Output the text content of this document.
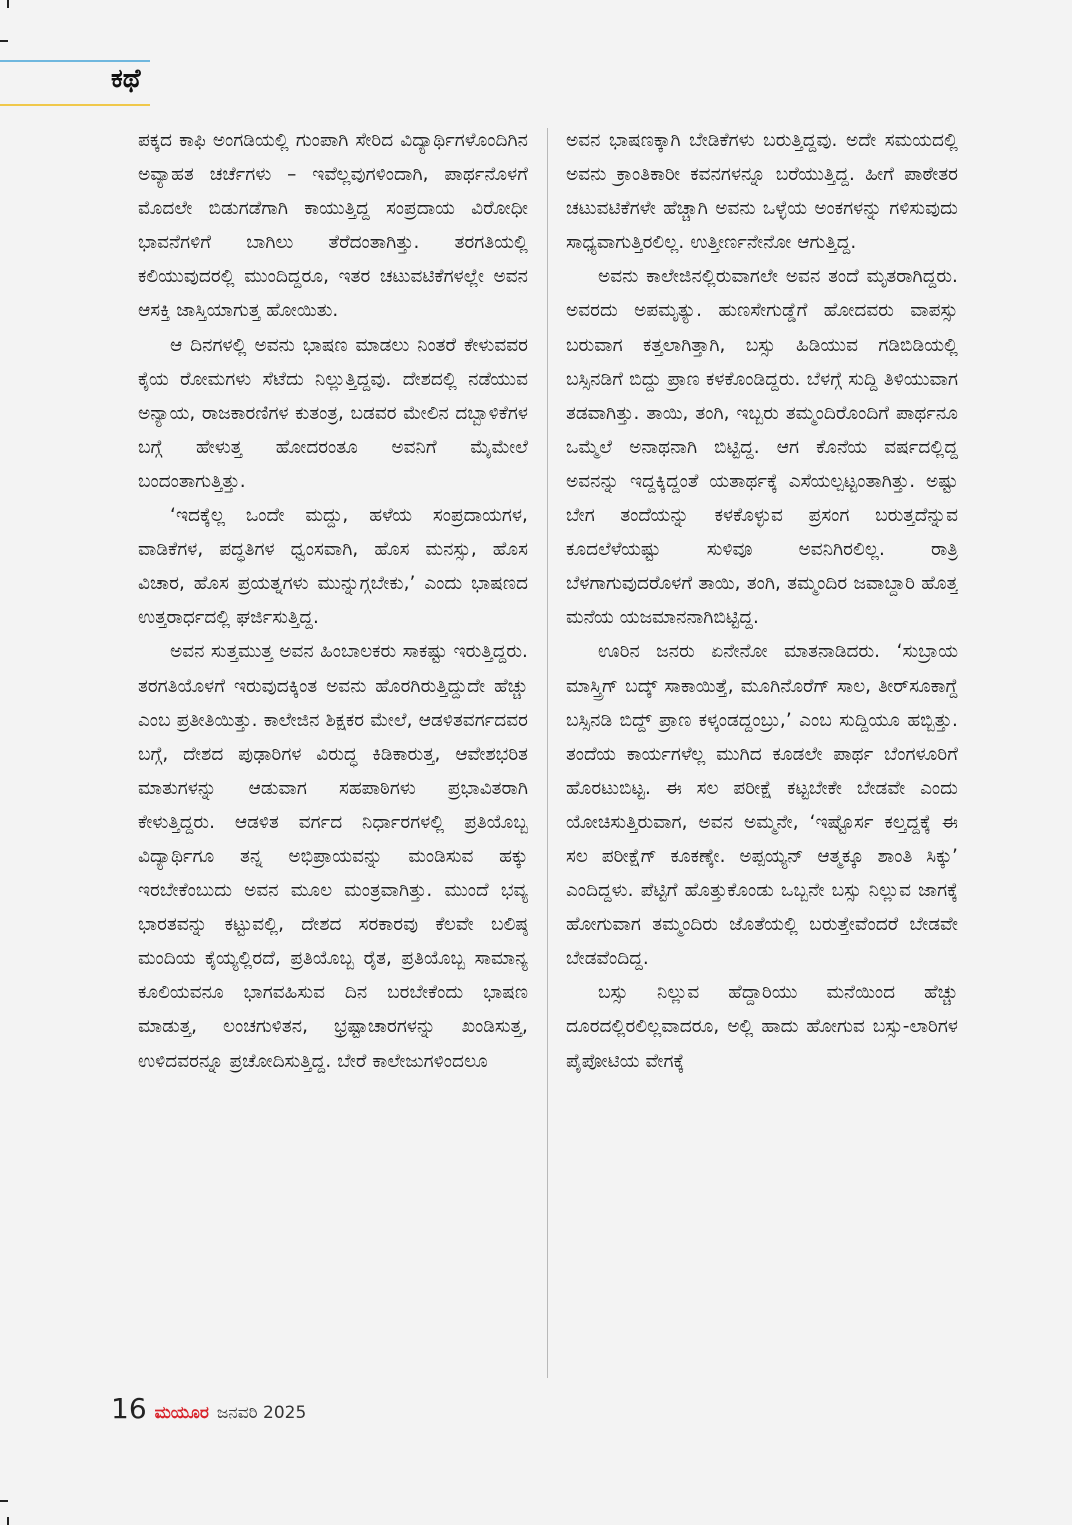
ಕಥೆ

ಪಕ್ಕದ ಕಾಫಿ ಅಂಗಡಿಯಲ್ಲಿ ಗುಂಪಾಗಿ ಸೇರಿದ ವಿದ್ಯಾರ್ಥಿಗಳೊಂದಿಗಿನ ಅವ್ಯಾಹತ ಚರ್ಚೆಗಳು – ಇವೆಲ್ಲವುಗಳಿಂದಾಗಿ, ಪಾರ್ಥನೊಳಗೆ ಮೊದಲೇ ಬಿಡುಗಡೆಗಾಗಿ ಕಾಯುತ್ತಿದ್ದ ಸಂಪ್ರದಾಯ ವಿರೋಧೀ ಭಾವನೆಗಳಿಗೆ ಬಾಗಿಲು ತೆರೆದಂತಾಗಿತ್ತು. ತರಗತಿಯಲ್ಲಿ ಕಲಿಯುವುದರಲ್ಲಿ ಮುಂದಿದ್ದರೂ, ಇತರ ಚಟುವಟಿಕೆಗಳಲ್ಲೇ ಅವನ ಆಸಕ್ತಿ ಜಾಸ್ತಿಯಾಗುತ್ತ ಹೋಯಿತು.

ಆ ದಿನಗಳಲ್ಲಿ ಅವನು ಭಾಷಣ ಮಾಡಲು ನಿಂತರೆ ಕೇಳುವವರ ಕೈಯ ರೋಮಗಳು ಸೆಟೆದು ನಿಲ್ಲುತ್ತಿದ್ದವು. ದೇಶದಲ್ಲಿ ನಡೆಯುವ ಅನ್ಯಾಯ, ರಾಜಕಾರಣಿಗಳ ಕುತಂತ್ರ, ಬಡವರ ಮೇಲಿನ ದಬ್ಬಾಳಿಕೆಗಳ ಬಗ್ಗೆ ಹೇಳುತ್ತ ಹೋದರಂತೂ ಅವನಿಗೆ ಮೈಮೇಲೆ ಬಂದಂತಾಗುತ್ತಿತ್ತು.

‘ಇದಕ್ಕೆಲ್ಲ ಒಂದೇ ಮದ್ದು, ಹಳೆಯ ಸಂಪ್ರದಾಯಗಳ, ವಾಡಿಕೆಗಳ, ಪದ್ಧತಿಗಳ ಧ್ವಂಸವಾಗಿ, ಹೊಸ ಮನಸ್ಸು, ಹೊಸ ವಿಚಾರ, ಹೊಸ ಪ್ರಯತ್ನಗಳು ಮುನ್ನುಗ್ಗಬೇಕು,’ ಎಂದು ಭಾಷಣದ ಉತ್ತರಾರ್ಧದಲ್ಲಿ ಘರ್ಜಿಸುತ್ತಿದ್ದ.

ಅವನ ಸುತ್ತಮುತ್ತ ಅವನ ಹಿಂಬಾಲಕರು ಸಾಕಷ್ಟು ಇರುತ್ತಿದ್ದರು. ತರಗತಿಯೊಳಗೆ ಇರುವುದಕ್ಕಿಂತ ಅವನು ಹೊರಗಿರುತ್ತಿದ್ದುದೇ ಹೆಚ್ಚು ಎಂಬ ಪ್ರತೀತಿಯಿತ್ತು. ಕಾಲೇಜಿನ ಶಿಕ್ಷಕರ ಮೇಲೆ, ಆಡಳಿತವರ್ಗದವರ ಬಗ್ಗೆ, ದೇಶದ ಪುಢಾರಿಗಳ ವಿರುದ್ಧ ಕಿಡಿಕಾರುತ್ತ, ಆವೇಶಭರಿತ ಮಾತುಗಳನ್ನು ಆಡುವಾಗ ಸಹಪಾಠಿಗಳು ಪ್ರಭಾವಿತರಾಗಿ ಕೇಳುತ್ತಿದ್ದರು. ಆಡಳಿತ ವರ್ಗದ ನಿರ್ಧಾರಗಳಲ್ಲಿ ಪ್ರತಿಯೊಬ್ಬ ವಿದ್ಯಾರ್ಥಿಗೂ ತನ್ನ ಅಭಿಪ್ರಾಯವನ್ನು ಮಂಡಿಸುವ ಹಕ್ಕು ಇರಬೇಕೆಂಬುದು ಅವನ ಮೂಲ ಮಂತ್ರವಾಗಿತ್ತು. ಮುಂದೆ ಭವ್ಯ ಭಾರತವನ್ನು ಕಟ್ಟುವಲ್ಲಿ, ದೇಶದ ಸರಕಾರವು ಕೆಲವೇ ಬಲಿಷ್ಠ ಮಂದಿಯ ಕೈಯ್ಯಲ್ಲಿರದೆ, ಪ್ರತಿಯೊಬ್ಬ ರೈತ, ಪ್ರತಿಯೊಬ್ಬ ಸಾಮಾನ್ಯ ಕೂಲಿಯವನೂ ಭಾಗವಹಿಸುವ ದಿನ ಬರಬೇಕೆಂದು ಭಾಷಣ ಮಾಡುತ್ತ, ಲಂಚಗುಳಿತನ, ಭ್ರಷ್ಟಾಚಾರಗಳನ್ನು ಖಂಡಿಸುತ್ತ, ಉಳಿದವರನ್ನೂ ಪ್ರಚೋದಿಸುತ್ತಿದ್ದ. ಬೇರೆ ಕಾಲೇಜುಗಳಿಂದಲೂ

ಅವನ ಭಾಷಣಕ್ಕಾಗಿ ಬೇಡಿಕೆಗಳು ಬರುತ್ತಿದ್ದವು. ಅದೇ ಸಮಯದಲ್ಲಿ ಅವನು ಕ್ರಾಂತಿಕಾರೀ ಕವನಗಳನ್ನೂ ಬರೆಯುತ್ತಿದ್ದ. ಹೀಗೆ ಪಾಠೇತರ ಚಟುವಟಿಕೆಗಳೇ ಹೆಚ್ಚಾಗಿ ಅವನು ಒಳ್ಳೆಯ ಅಂಕಗಳನ್ನು ಗಳಿಸುವುದು ಸಾಧ್ಯವಾಗುತ್ತಿರಲಿಲ್ಲ. ಉತ್ತೀರ್ಣನೇನೋ ಆಗುತ್ತಿದ್ದ.

ಅವನು ಕಾಲೇಜಿನಲ್ಲಿರುವಾಗಲೇ ಅವನ ತಂದೆ ಮೃತರಾಗಿದ್ದರು. ಅವರದು ಅಪಮೃತ್ಯು. ಹುಣಸೇಗುಡ್ಡೆಗೆ ಹೋದವರು ವಾಪಸ್ಸು ಬರುವಾಗ ಕತ್ತಲಾಗಿತ್ತಾಗಿ, ಬಸ್ಸು ಹಿಡಿಯುವ ಗಡಿಬಿಡಿಯಲ್ಲಿ ಬಸ್ಸಿನಡಿಗೆ ಬಿದ್ದು ಪ್ರಾಣ ಕಳಕೊಂಡಿದ್ದರು. ಬೆಳಗ್ಗೆ ಸುದ್ದಿ ತಿಳಿಯುವಾಗ ತಡವಾಗಿತ್ತು. ತಾಯಿ, ತಂಗಿ, ಇಬ್ಬರು ತಮ್ಮಂದಿರೊಂದಿಗೆ ಪಾರ್ಥನೂ ಒಮ್ಮೆಲೆ ಅನಾಥನಾಗಿ ಬಿಟ್ಟಿದ್ದ. ಆಗ ಕೊನೆಯ ವರ್ಷದಲ್ಲಿದ್ದ ಅವನನ್ನು ಇದ್ದಕ್ಕಿದ್ದಂತೆ ಯತಾರ್ಥಕ್ಕೆ ಎಸೆಯಲ್ಪಟ್ಟಂತಾಗಿತ್ತು. ಅಷ್ಟು ಬೇಗ ತಂದೆಯನ್ನು ಕಳಕೊಳ್ಳುವ ಪ್ರಸಂಗ ಬರುತ್ತದೆನ್ನುವ ಕೂದಲೆಳೆಯಷ್ಟು ಸುಳಿವೂ ಅವನಿಗಿರಲಿಲ್ಲ. ರಾತ್ರಿ ಬೆಳಗಾಗುವುದರೊಳಗೆ ತಾಯಿ, ತಂಗಿ, ತಮ್ಮಂದಿರ ಜವಾಬ್ದಾರಿ ಹೊತ್ತ ಮನೆಯ ಯಜಮಾನನಾಗಿಬಿಟ್ಟಿದ್ದ.

ಊರಿನ ಜನರು ಏನೇನೋ ಮಾತನಾಡಿದರು. ‘ಸುಬ್ರಾಯ ಮಾಸ್ತ್ರಿಗ್ ಬದ್ಕ್ ಸಾಕಾಯಿತ್ತೆ, ಮೂಗಿನೊರೆಗ್ ಸಾಲ, ತೀರ್‌ಸೂಕಾಗ್ದೆ ಬಸ್ಸಿನಡಿ ಬಿದ್ದ್ ಪ್ರಾಣ ಕಳ್ಕಂಡದ್ದಂಬ್ರು,’ ಎಂಬ ಸುದ್ದಿಯೂ ಹಬ್ಬಿತ್ತು. ತಂದೆಯ ಕಾರ್ಯಗಳೆಲ್ಲ ಮುಗಿದ ಕೂಡಲೇ ಪಾರ್ಥ ಬೆಂಗಳೂರಿಗೆ ಹೊರಟುಬಿಟ್ಟ. ಈ ಸಲ ಪರೀಕ್ಷೆ ಕಟ್ಟಬೇಕೇ ಬೇಡವೇ ಎಂದು ಯೋಚಿಸುತ್ತಿರುವಾಗ, ಅವನ ಅಮ್ಮನೇ, ‘ಇಷ್ಟೊರ್ಸ ಕಲ್ತದ್ದಕ್ಕೆ ಈ ಸಲ ಪರೀಕ್ಷೆಗ್ ಕೂಕಣ್ಕೇ. ಅಪ್ಪಯ್ಯನ್ ಆತ್ಮಕ್ಕೂ ಶಾಂತಿ ಸಿಕ್ಕು’ ಎಂದಿದ್ದಳು. ಪೆಟ್ಟಿಗೆ ಹೊತ್ತುಕೊಂಡು ಒಬ್ಬನೇ ಬಸ್ಸು ನಿಲ್ಲುವ ಜಾಗಕ್ಕೆ ಹೋಗುವಾಗ ತಮ್ಮಂದಿರು ಜೊತೆಯಲ್ಲಿ ಬರುತ್ತೇವೆಂದರೆ ಬೇಡವೇ ಬೇಡವೆಂದಿದ್ದ.

ಬಸ್ಸು ನಿಲ್ಲುವ ಹೆದ್ದಾರಿಯು ಮನೆಯಿಂದ ಹೆಚ್ಚು ದೂರದಲ್ಲಿರಲಿಲ್ಲವಾದರೂ, ಅಲ್ಲಿ ಹಾದು ಹೋಗುವ ಬಸ್ಸು-ಲಾರಿಗಳ ಪೈಪೋಟಿಯ ವೇಗಕ್ಕೆ

16 ಮಯೂರ ಜನವರಿ 2025
